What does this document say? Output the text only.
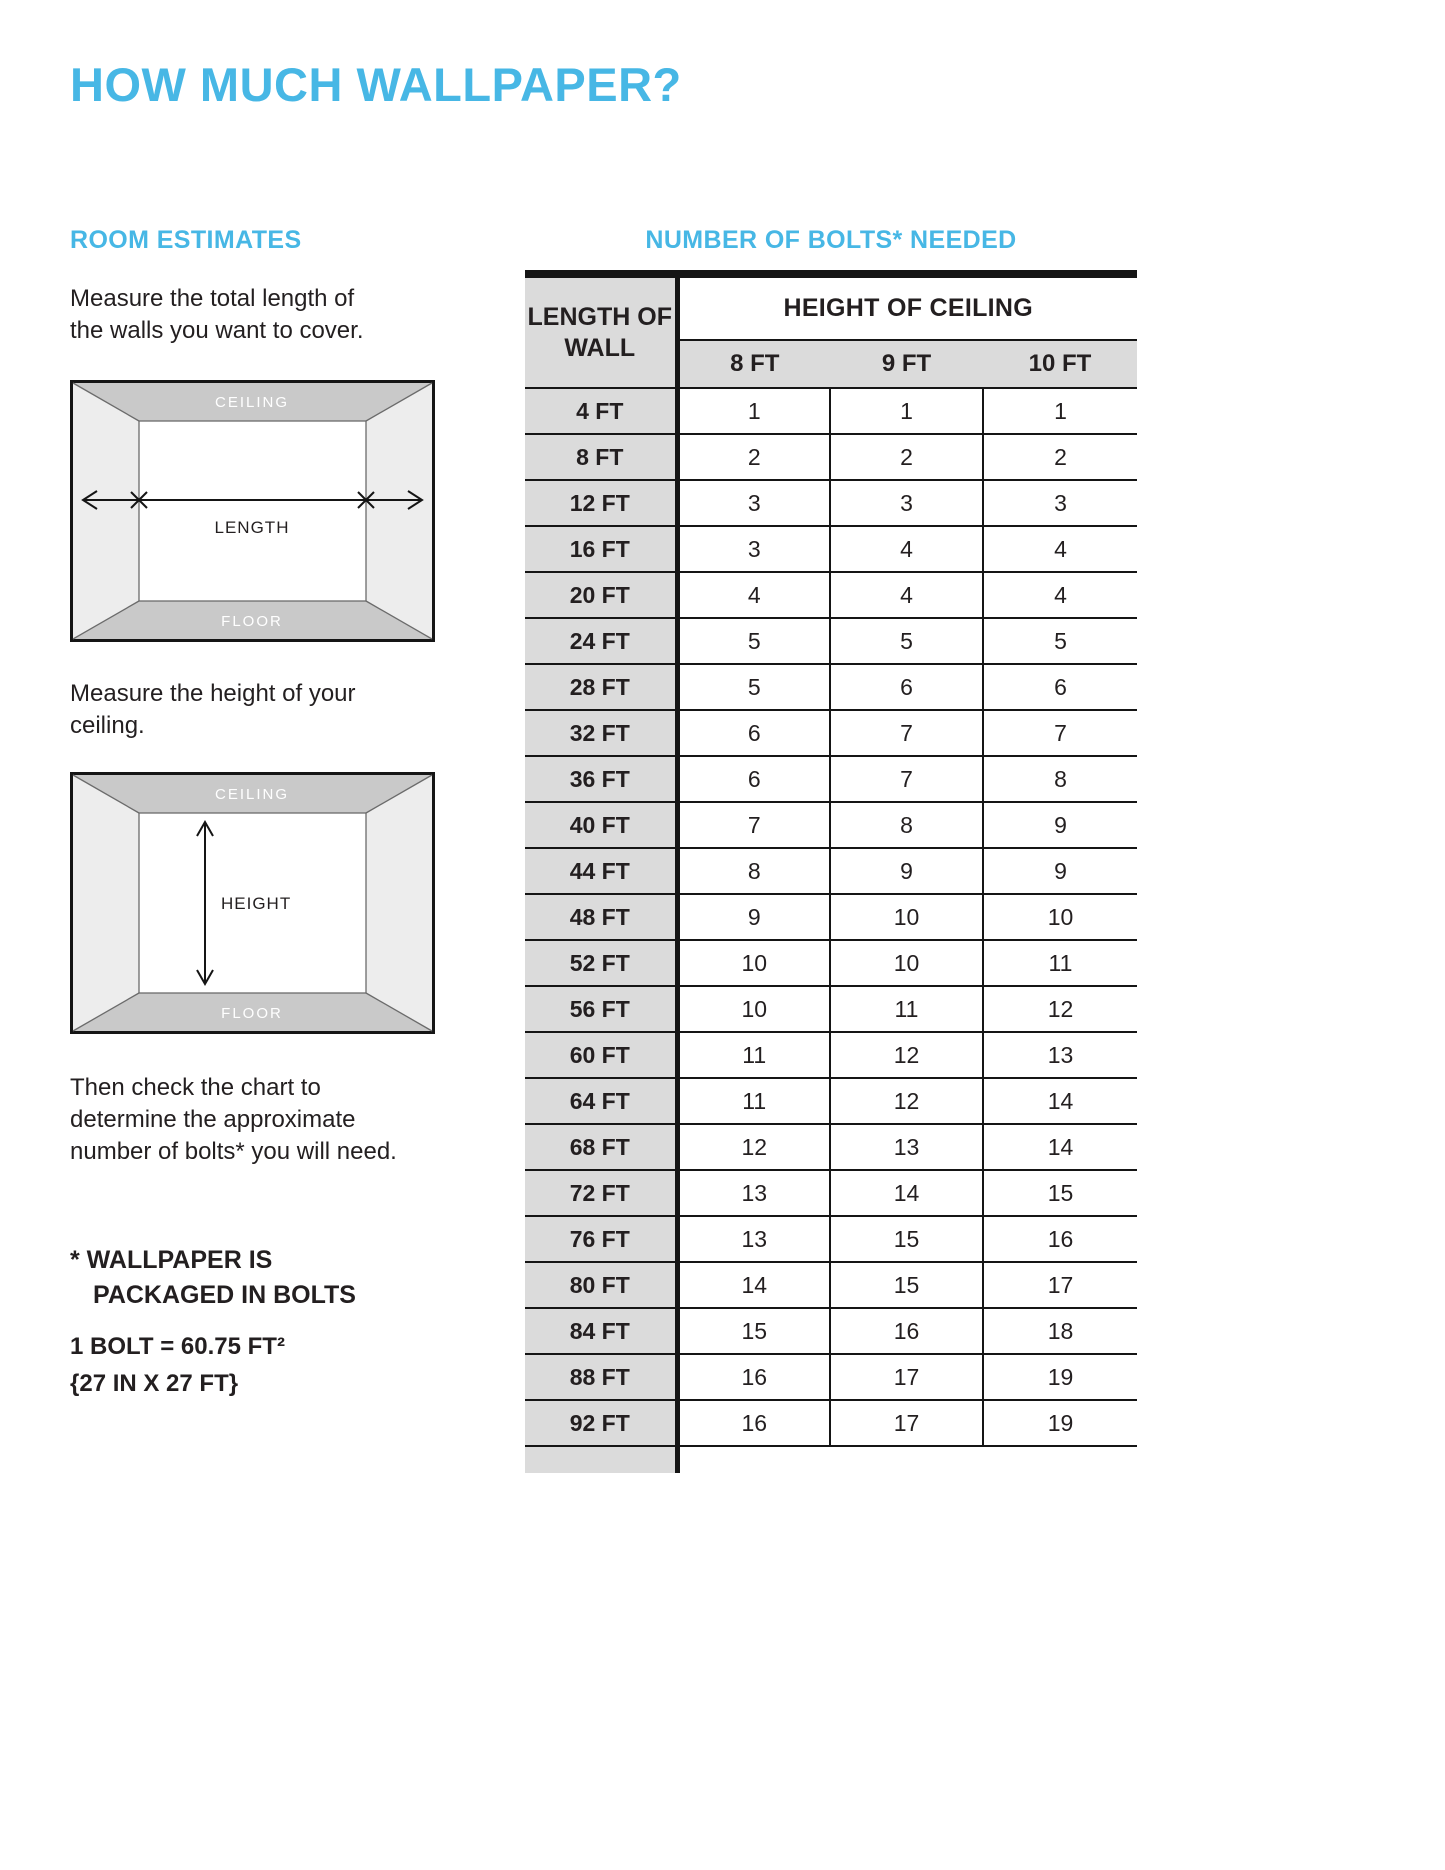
HOW MUCH WALLPAPER?
ROOM ESTIMATES	NUMBER OF BOLTS* NEEDED

Measure the total length of the walls you want to cover.

CEILING
FLOOR
LENGTH

Measure the height of your ceiling.

CEILING
FLOOR
HEIGHT

Then check the chart to determine the approximate number of bolts* you will need.

* WALLPAPER IS
PACKAGED IN BOLTS
1 BOLT = 60.75 FT²
{27 IN X 27 FT}
LENGTH OF WALL	HEIGHT OF CEILING		
	8 FT	9 FT	10 FT
4 FT	1	1	1
8 FT	2	2	2
12 FT	3	3	3
16 FT	3	4	4
20 FT	4	4	4
24 FT	5	5	5
28 FT	5	6	6
32 FT	6	7	7
36 FT	6	7	8
40 FT	7	8	9
44 FT	8	9	9
48 FT	9	10	10
52 FT	10	10	11
56 FT	10	11	12
60 FT	11	12	13
64 FT	11	12	14
68 FT	12	13	14
72 FT	13	14	15
76 FT	13	15	16
80 FT	14	15	17
84 FT	15	16	18
88 FT	16	17	19
92 FT	16	17	19
